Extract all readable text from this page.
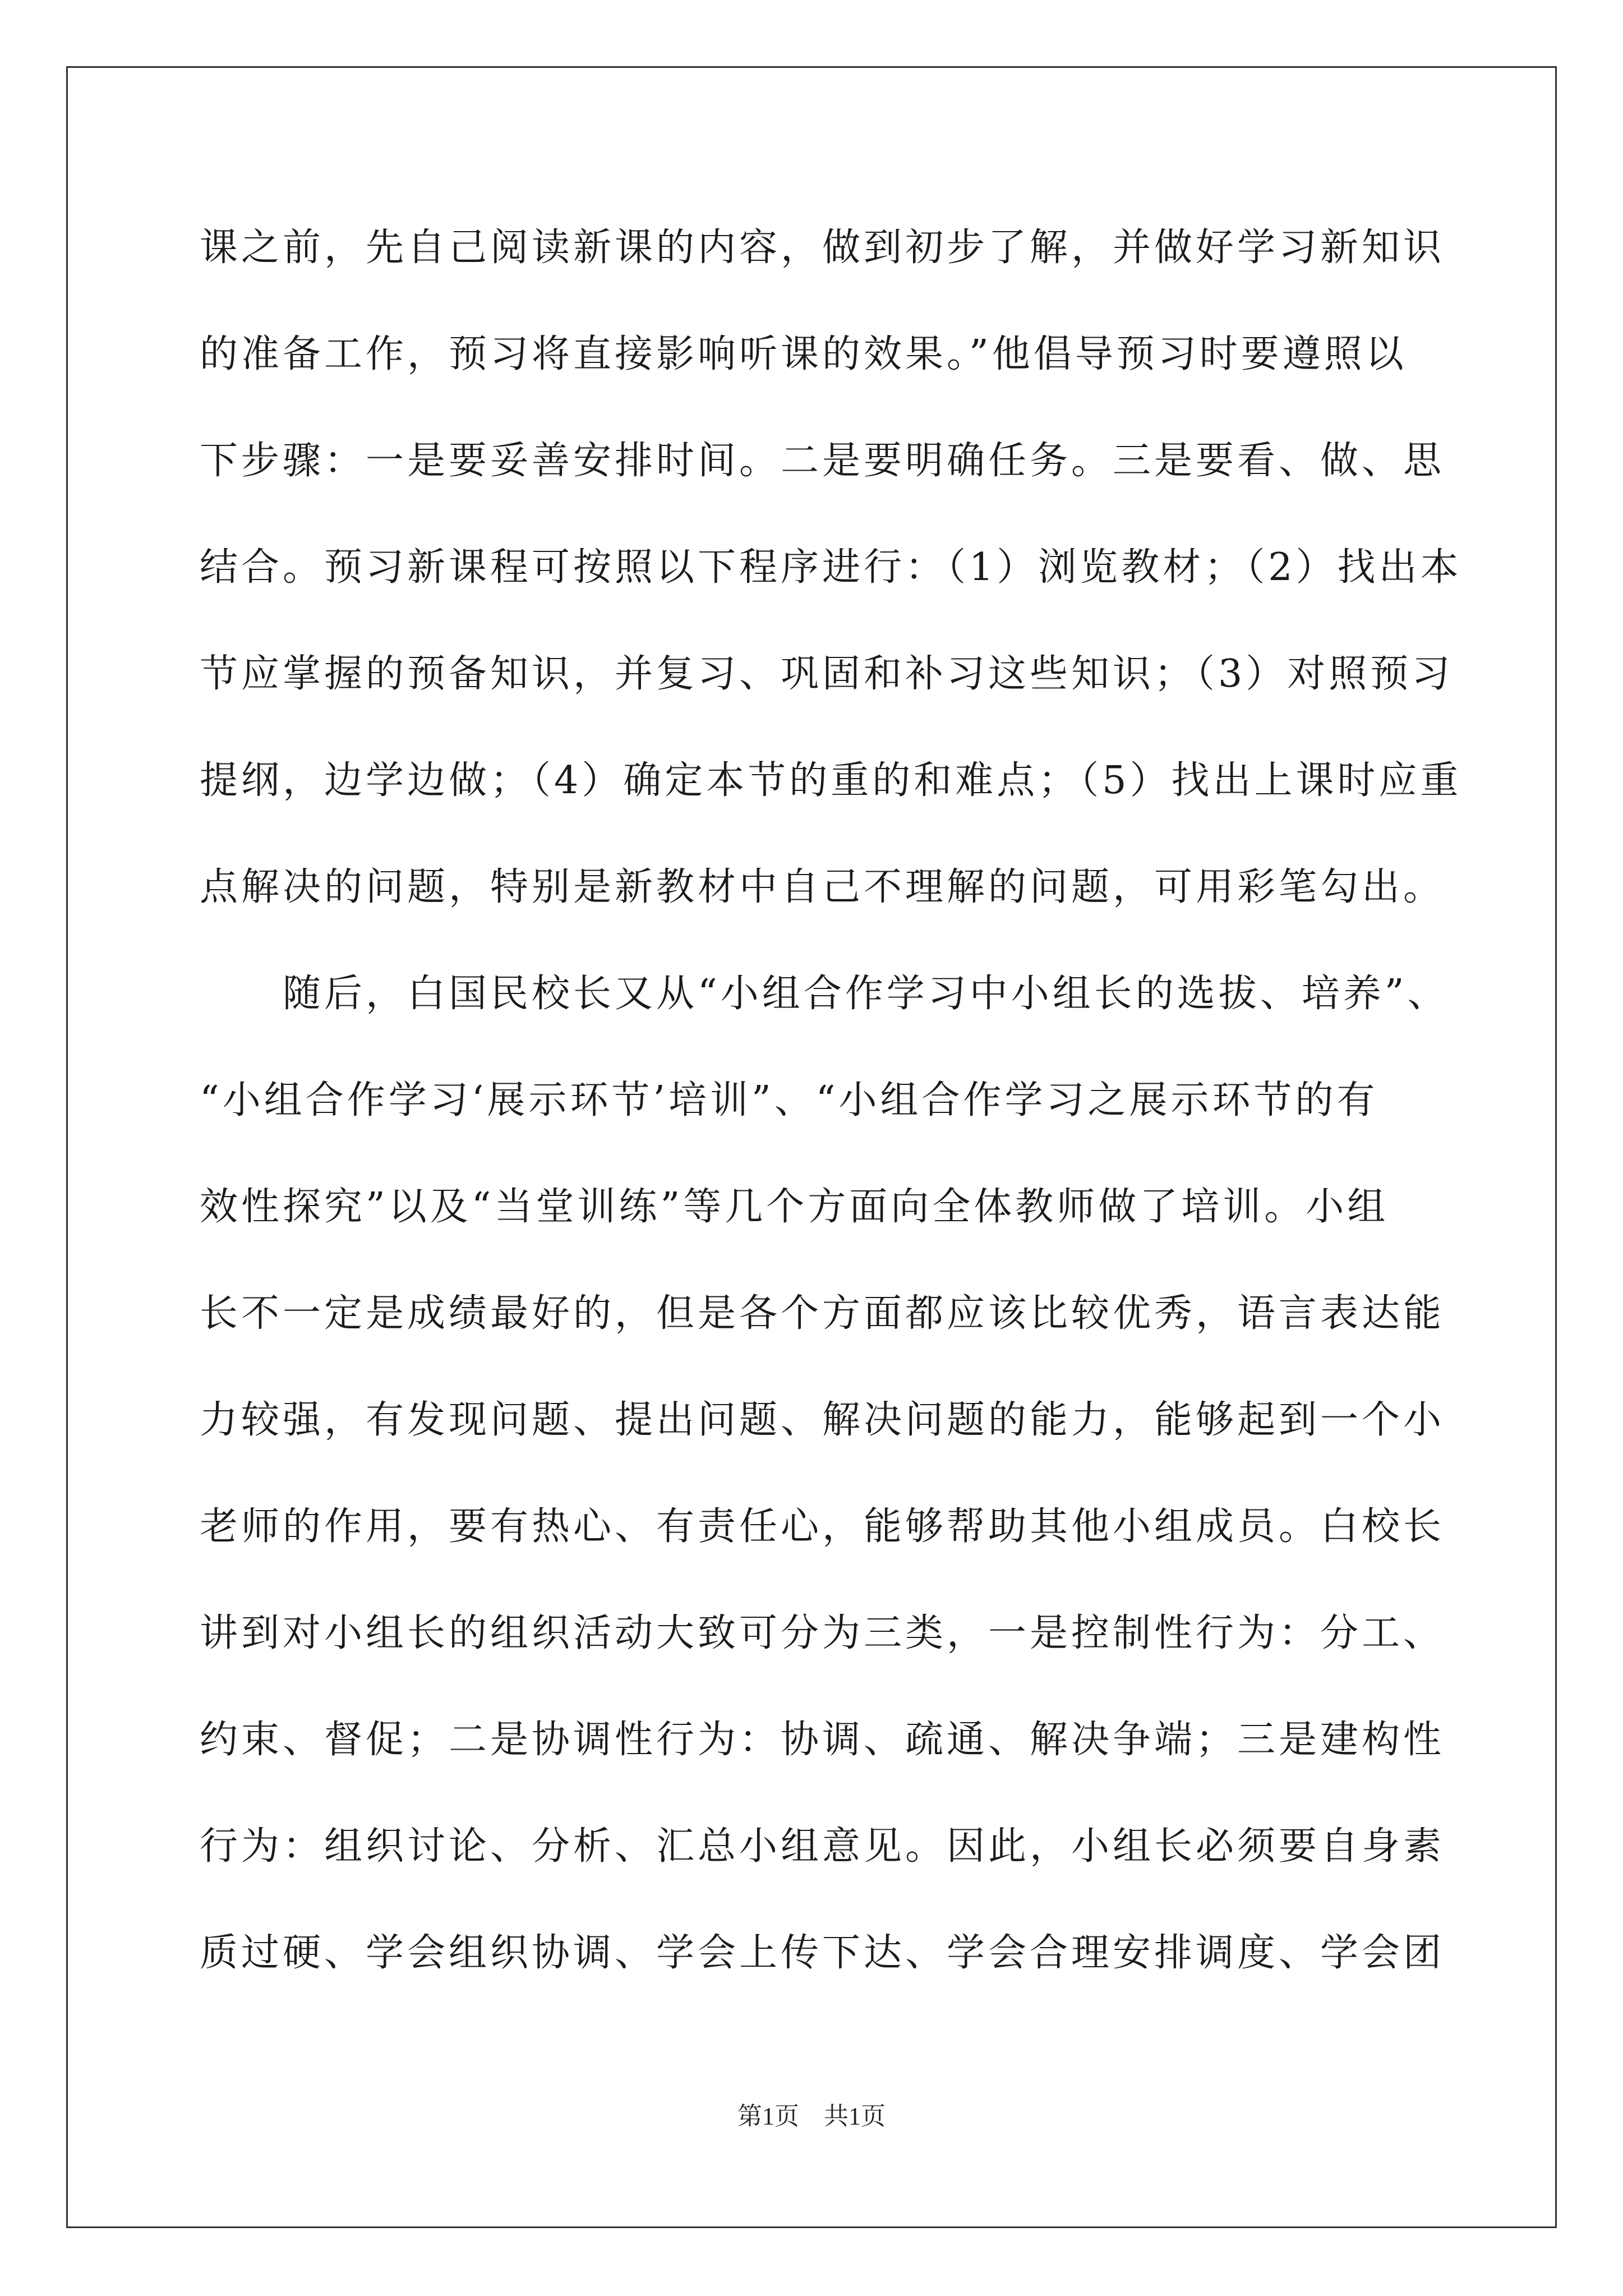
课之前，先自己阅读新课的内容，做到初步了解，并做好学习新知识
的准备工作，预习将直接影响听课的效果。”他倡导预习时要遵照以
下步骤：一是要妥善安排时间。二是要明确任务。三是要看、做、思
结合。预习新课程可按照以下程序进行：（1）浏览教材；（2）找出本
节应掌握的预备知识，并复习、巩固和补习这些知识；（3）对照预习
提纲，边学边做；（4）确定本节的重的和难点；（5）找出上课时应重
点解决的问题，特别是新教材中自己不理解的问题，可用彩笔勾出。
　　随后，白国民校长又从“小组合作学习中小组长的选拔、培养”、
“小组合作学习‘展示环节’培训”、“小组合作学习之展示环节的有
效性探究”以及“当堂训练”等几个方面向全体教师做了培训。小组
长不一定是成绩最好的，但是各个方面都应该比较优秀，语言表达能
力较强，有发现问题、提出问题、解决问题的能力，能够起到一个小
老师的作用，要有热心、有责任心，能够帮助其他小组成员。白校长
讲到对小组长的组织活动大致可分为三类，一是控制性行为：分工、
约束、督促；二是协调性行为：协调、疏通、解决争端；三是建构性
行为：组织讨论、分析、汇总小组意见。因此，小组长必须要自身素
质过硬、学会组织协调、学会上传下达、学会合理安排调度、学会团
第1页　共1页
